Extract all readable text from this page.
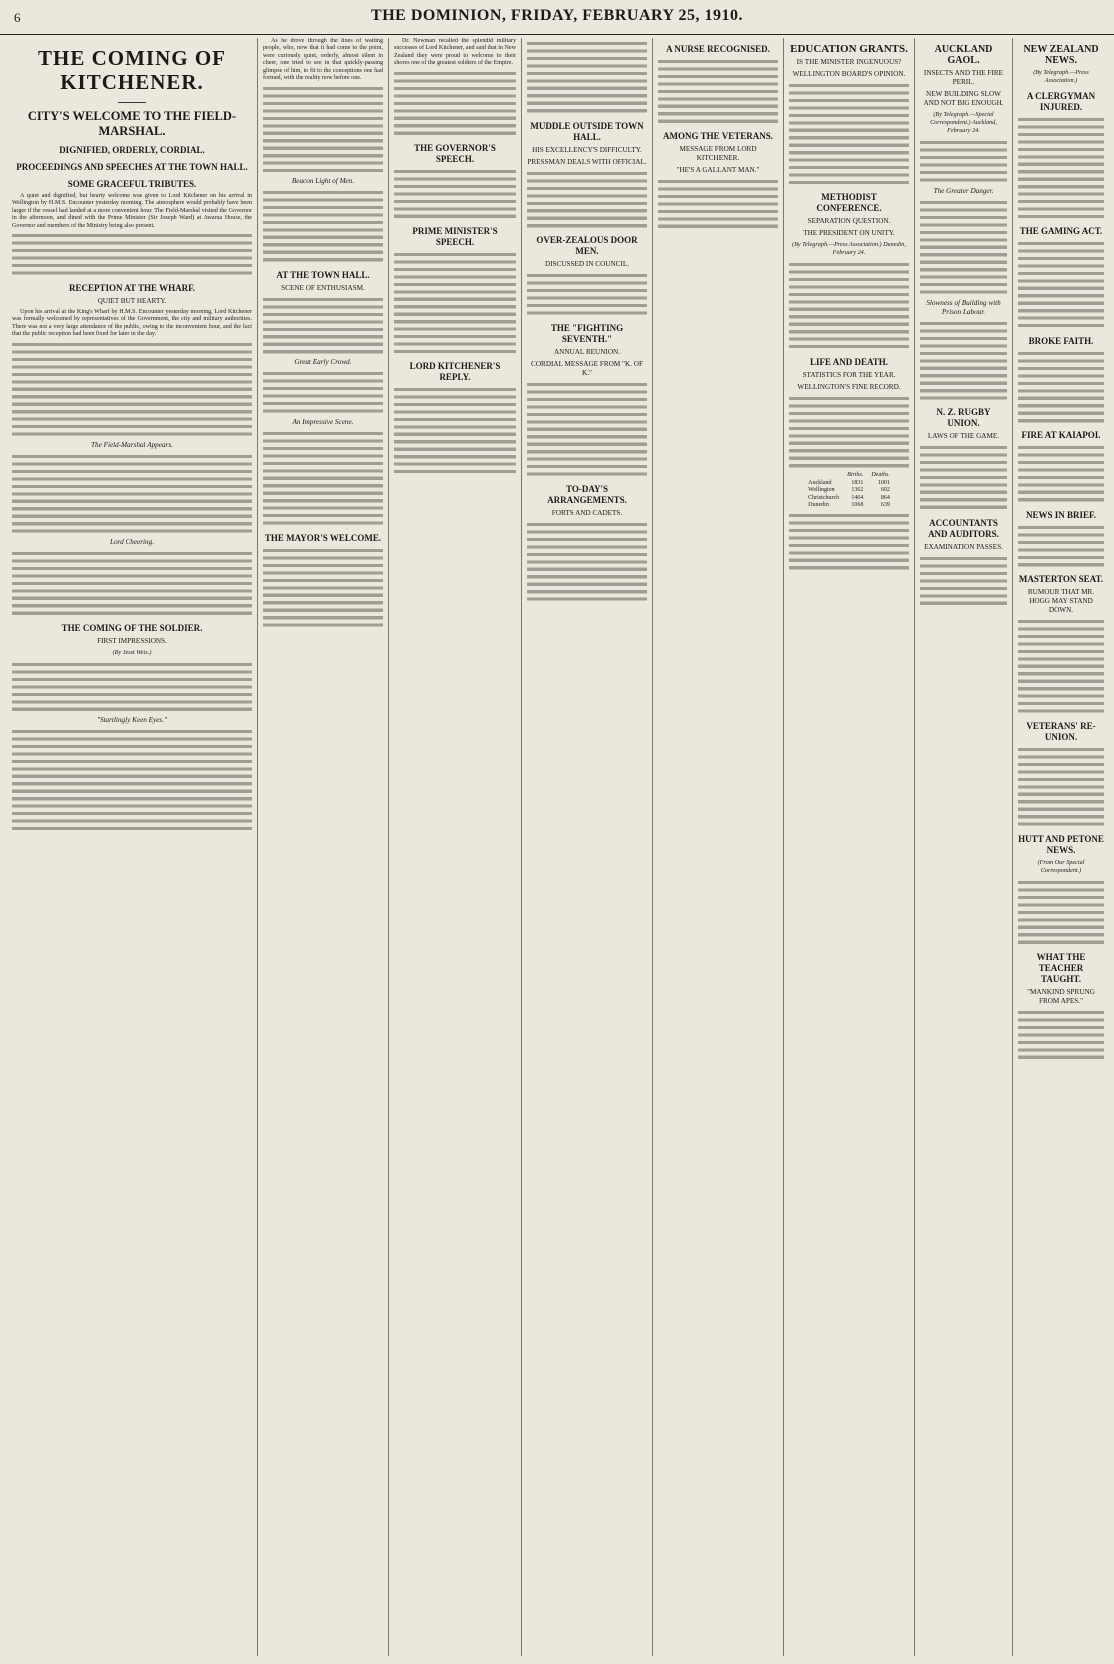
6	THE DOMINION, FRIDAY, FEBRUARY 25, 1910.
THE COMING OF KITCHENER.
CITY'S WELCOME TO THE FIELD-MARSHAL.
DIGNIFIED, ORDERLY, CORDIAL.
PROCEEDINGS AND SPEECHES AT THE TOWN HALL.
SOME GRACEFUL TRIBUTES.

A quiet and dignified, but hearty welcome was given to Lord Kitchener on his arrival in Wellington by H.M.S. Encounter yesterday morning. The atmosphere would probably have been larger if the vessel had landed at a more convenient hour. The Field-Marshal visited the Governor in the afternoon, and dined with the Prime Minister (Sir Joseph Ward) at Awarua House, the Governor and members of the Ministry being also present.

RECEPTION AT THE WHARF.
QUIET BUT HEARTY.

Upon his arrival at the King's Wharf by H.M.S. Encounter yesterday morning, Lord Kitchener was formally welcomed by representatives of the Government, the city and military authorities. There was not a very large attendance of the public, owing to the inconvenient hour, and the fact that the public reception had been fixed for later in the day.

The Field-Marshal Appears.
Lord Cheering.
THE COMING OF THE SOLDIER.
FIRST IMPRESSIONS.
(By Jesst Weis.)
"Startlingly Keen Eyes."

As he drove through the lines of waiting people, who, now that it had come to the point, were curiously quiet, orderly, almost silent in cheer, one tried to see in that quickly-passing glimpse of him, to fit to the conceptions one had formed, with the reality now before one.

Beacon Light of Men.
AT THE TOWN HALL.
SCENE OF ENTHUSIASM.
Great Early Crowd.
An Impressive Scene.
THE MAYOR'S WELCOME.

Dr. Newman recalled the splendid military successes of Lord Kitchener, and said that in New Zealand they were proud to welcome to their shores one of the greatest soldiers of the Empire.

THE GOVERNOR'S SPEECH.
PRIME MINISTER'S SPEECH.
LORD KITCHENER'S REPLY.
MUDDLE OUTSIDE TOWN HALL.
HIS EXCELLENCY'S DIFFICULTY.
PRESSMAN DEALS WITH OFFICIAL.
OVER-ZEALOUS DOOR MEN.
DISCUSSED IN COUNCIL.
THE "FIGHTING SEVENTH."
ANNUAL REUNION.
CORDIAL MESSAGE FROM "K. OF K."
TO-DAY'S ARRANGEMENTS.
FORTS AND CADETS.
A NURSE RECOGNISED.
AMONG THE VETERANS.
MESSAGE FROM LORD KITCHENER.
"HE'S A GALLANT MAN."
EDUCATION GRANTS.
IS THE MINISTER INGENUOUS?
WELLINGTON BOARD'S OPINION.
METHODIST CONFERENCE.
SEPARATION QUESTION.
THE PRESIDENT ON UNITY.
(By Telegraph.—Press Association.) Dunedin, February 24.
LIFE AND DEATH.
STATISTICS FOR THE YEAR.
WELLINGTON'S FINE RECORD.
	Births.	Deaths.
Auckland	1831	1001
Wellington	1362	602
Christchurch	1464	864
Dunedin	1068	639
AUCKLAND GAOL.
INSECTS AND THE FIRE PERIL.
NEW BUILDING SLOW AND NOT BIG ENOUGH.
(By Telegraph.—Special Correspondent.) Auckland, February 24.
The Greater Danger.
Slowness of Building with Prison Labour.
N. Z. RUGBY UNION.
LAWS OF THE GAME.
ACCOUNTANTS AND AUDITORS.
EXAMINATION PASSES.
NEW ZEALAND NEWS.
(By Telegraph.—Press Association.)
A CLERGYMAN INJURED.
THE GAMING ACT.
BROKE FAITH.
FIRE AT KAIAPOI.
NEWS IN BRIEF.
MASTERTON SEAT.
RUMOUR THAT MR. HOGG MAY STAND DOWN.
VETERANS' RE-UNION.
HUTT AND PETONE NEWS.
(From Our Special Correspondent.)
WHAT THE TEACHER TAUGHT.
"MANKIND SPRUNG FROM APES."
